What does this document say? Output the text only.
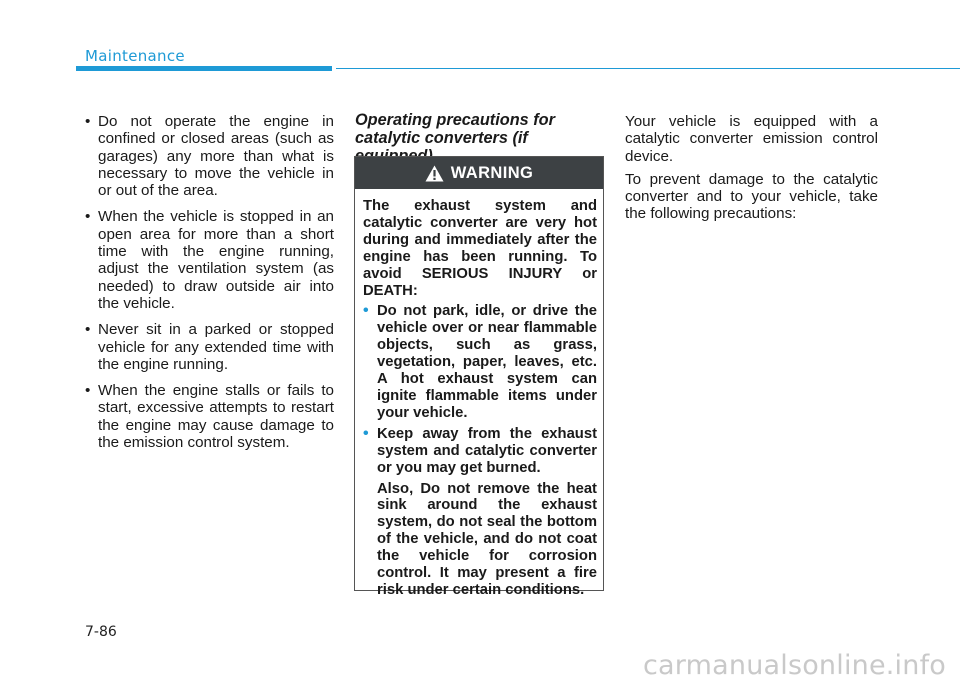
Maintenance
• Do not operate the engine in confined or closed areas (such as garages) any more than what is necessary to move the vehicle in or out of the area.
• When the vehicle is stopped in an open area for more than a short time with the engine running, adjust the ventilation system (as needed) to draw outside air into the vehicle.
• Never sit in a parked or stopped vehicle for any extended time with the engine running.
• When the engine stalls or fails to start, excessive attempts to restart the engine may cause damage to the emission control system.
Operating precautions for catalytic converters (if
WARNING

The exhaust system and catalytic converter are very hot during and immediately after the engine has been running. To avoid SERIOUS INJURY or DEATH:

• Do not park, idle, or drive the vehicle over or near flammable objects, such as grass, vegetation, paper, leaves, etc. A hot exhaust system can ignite flammable items under your vehicle.
• Keep away from the exhaust system and catalytic converter or you may get burned.
Also, Do not remove the heat sink around the exhaust system, do not seal the bottom of the vehicle, and do not coat the vehicle for corrosion control. It may present a fire risk under certain conditions.

Your vehicle is equipped with a catalytic converter emission control device.

To prevent damage to the catalytic converter and to your vehicle, take the following precautions:

7-86
carmanualsonline.info
